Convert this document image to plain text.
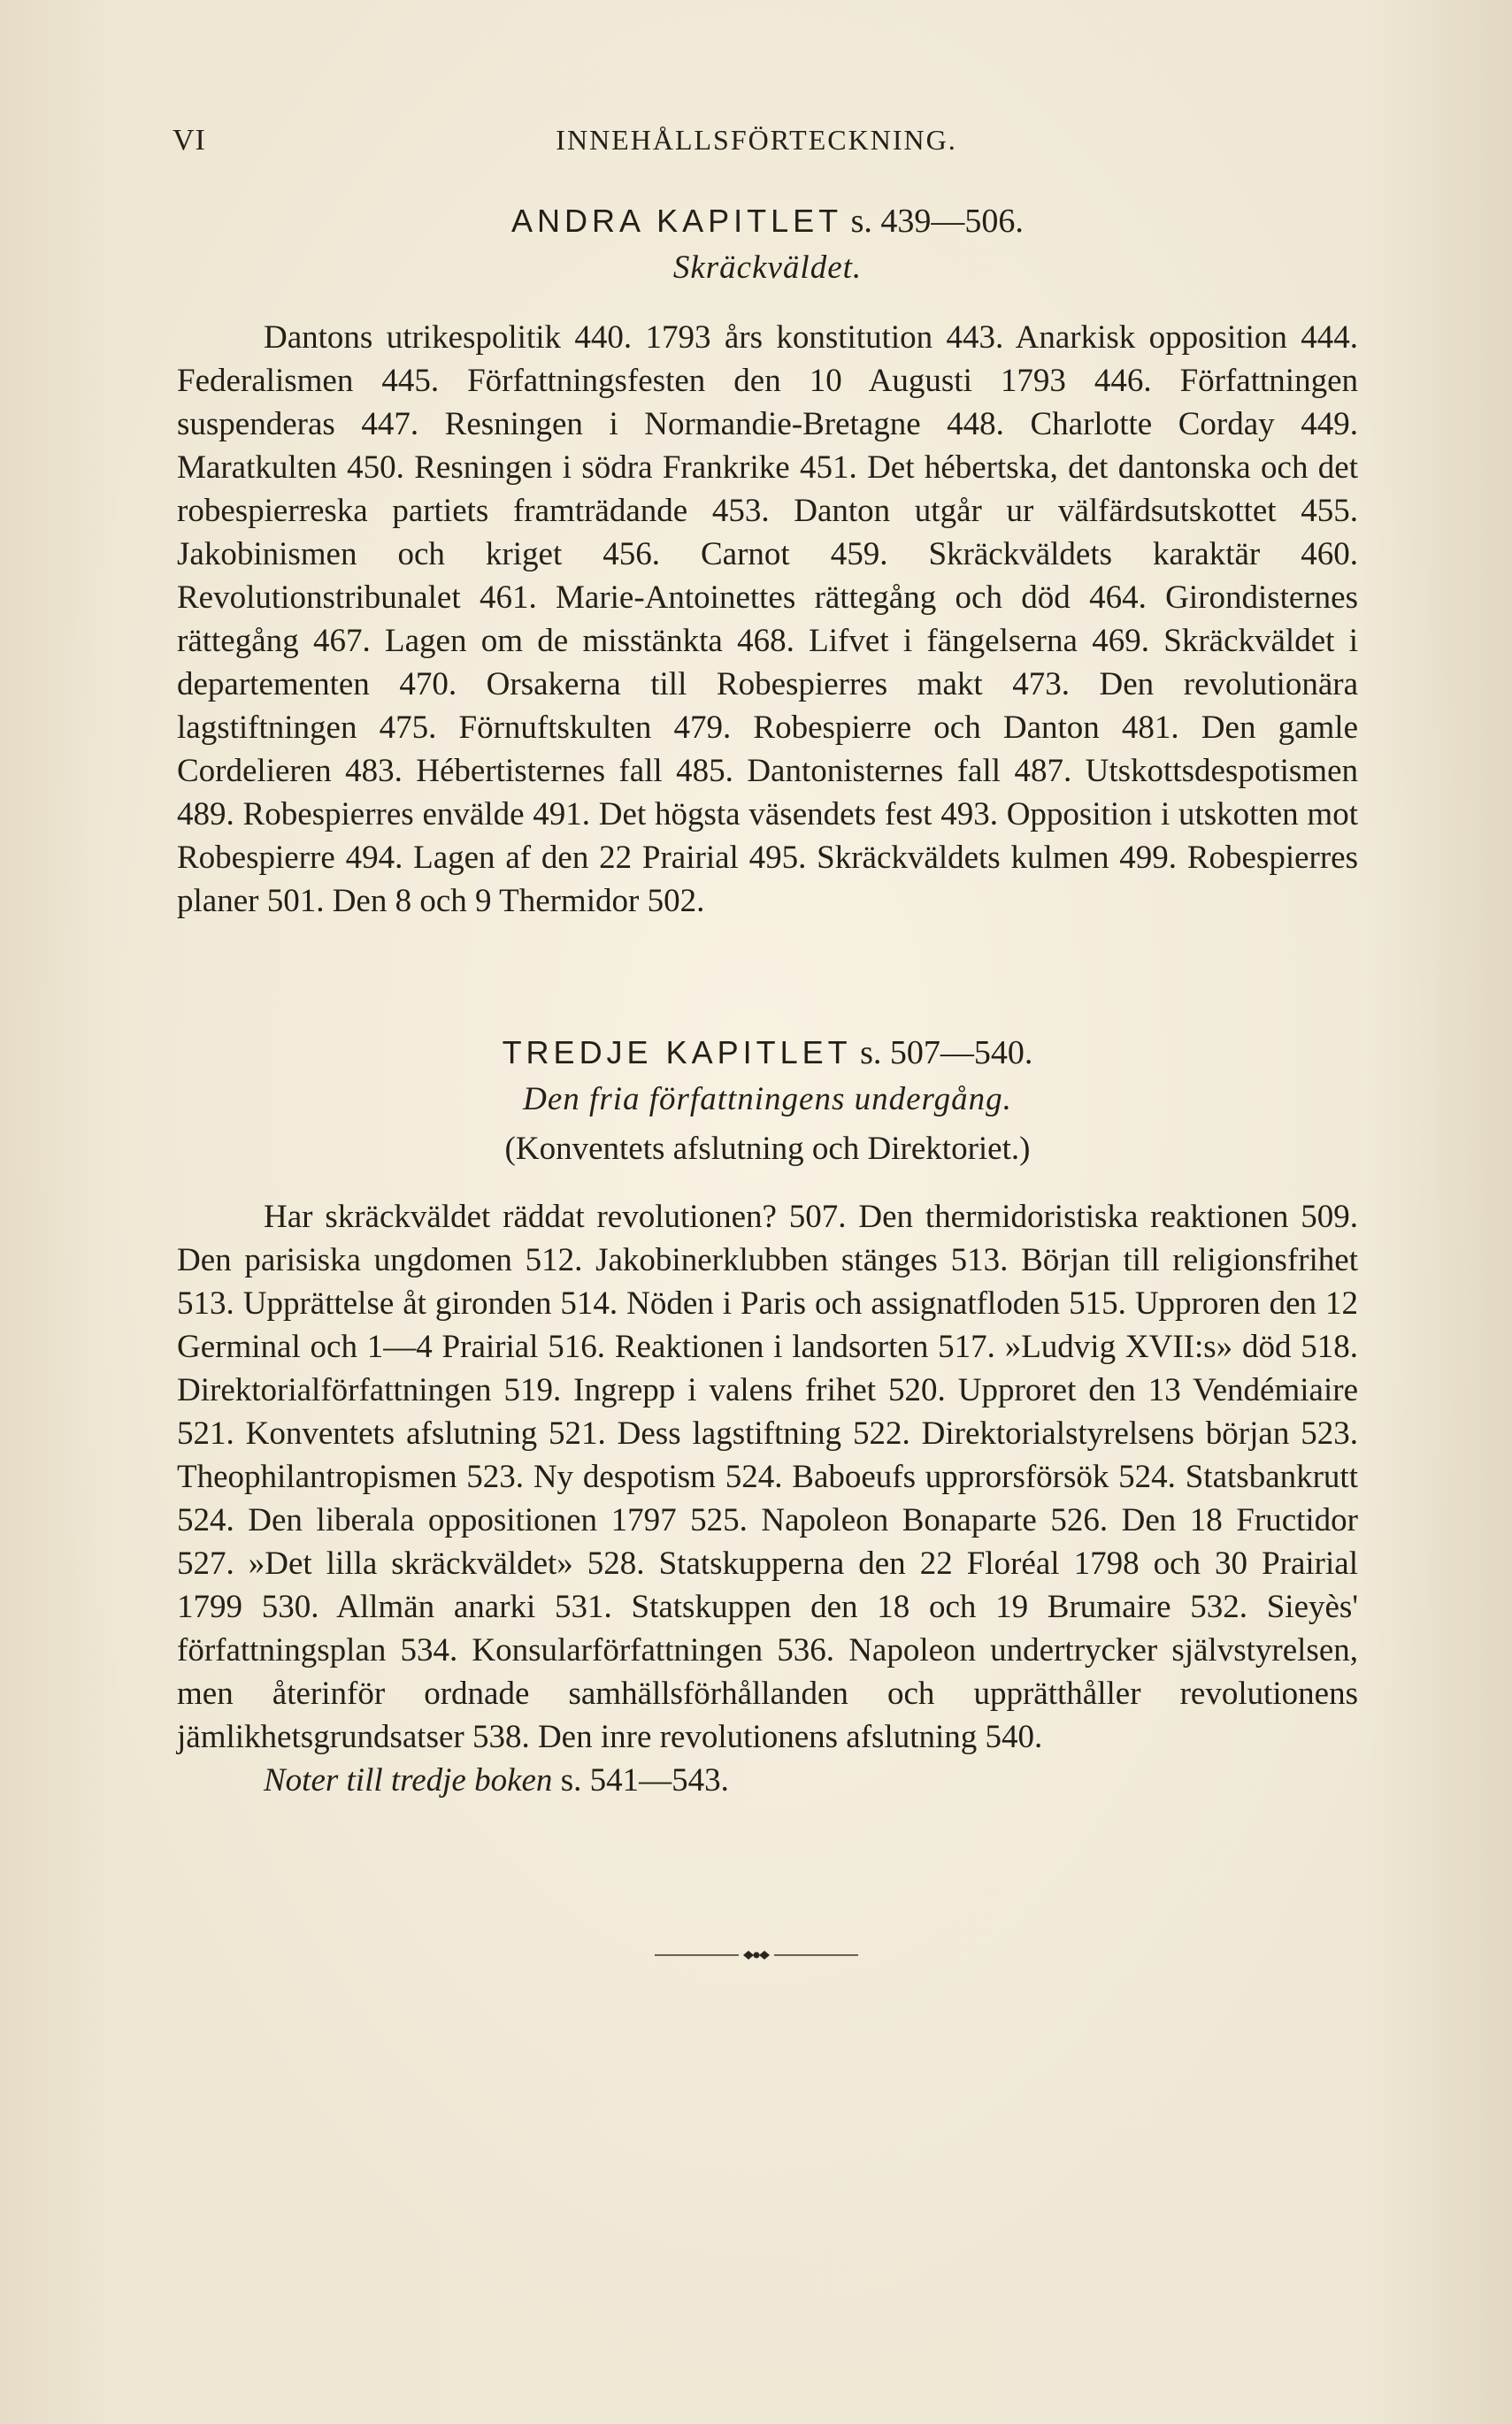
VI	INNEHÅLLSFÖRTECKNING.
ANDRA KAPITLET s. 439—506.
Skräckväldet.
Dantons utrikespolitik 440. 1793 års konstitution 443. Anarkisk opposition 444. Federalismen 445. Författningsfesten den 10 Augusti 1793 446. Författningen suspenderas 447. Resningen i Normandie-Bretagne 448. Charlotte Corday 449. Maratkulten 450. Resningen i södra Frankrike 451. Det hébertska, det dantonska och det robespierreska partiets framträdande 453. Danton utgår ur välfärdsutskottet 455. Jakobinismen och kriget 456. Carnot 459. Skräckväldets karaktär 460. Revolutionstribunalet 461. Marie-Antoinettes rättegång och död 464. Girondisternes rättegång 467. Lagen om de misstänkta 468. Lifvet i fängelserna 469. Skräckväldet i departementen 470. Orsakerna till Robespierres makt 473. Den revolutionära lagstiftningen 475. Förnuftskulten 479. Robespierre och Danton 481. Den gamle Cordelieren 483. Hébertisternes fall 485. Dantonisternes fall 487. Utskottsdespotismen 489. Robespierres envälde 491. Det högsta väsendets fest 493. Opposition i utskotten mot Robespierre 494. Lagen af den 22 Prairial 495. Skräckväldets kulmen 499. Robespierres planer 501. Den 8 och 9 Thermidor 502.
TREDJE KAPITLET s. 507—540.
Den fria författningens undergång.
(Konventets afslutning och Direktoriet.)
Har skräckväldet räddat revolutionen? 507. Den thermidoristiska reaktionen 509. Den parisiska ungdomen 512. Jakobinerklubben stänges 513. Början till religionsfrihet 513. Upprättelse åt gironden 514. Nöden i Paris och assignatfloden 515. Upproren den 12 Germinal och 1—4 Prairial 516. Reaktionen i landsorten 517. »Ludvig XVII:s» död 518. Direktorialförfattningen 519. Ingrepp i valens frihet 520. Upproret den 13 Vendémiaire 521. Konventets afslutning 521. Dess lagstiftning 522. Direktorialstyrelsens början 523. Theophilantropismen 523. Ny despotism 524. Baboeufs upprorsförsök 524. Statsbankrutt 524. Den liberala oppositionen 1797 525. Napoleon Bonaparte 526. Den 18 Fructidor 527. »Det lilla skräckväldet» 528. Statskupperna den 22 Floréal 1798 och 30 Prairial 1799 530. Allmän anarki 531. Statskuppen den 18 och 19 Brumaire 532. Sieyès' författningsplan 534. Konsularförfattningen 536. Napoleon undertrycker självstyrelsen, men återinför ordnade samhällsförhållanden och upprätthåller revolutionens jämlikhetsgrundsatser 538. Den inre revolutionens afslutning 540.
Noter till tredje boken s. 541—543.
